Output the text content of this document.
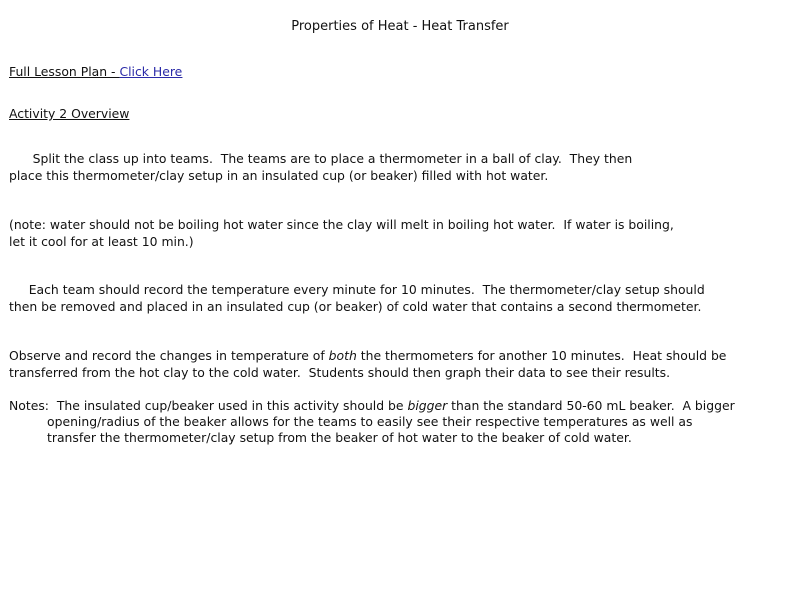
Properties of Heat - Heat Transfer
Full Lesson Plan - Click Here
Activity 2 Overview
Split the class up into teams.  The teams are to place a thermometer in a ball of clay.  They then
place this thermometer/clay setup in an insulated cup (or beaker) filled with hot water.
(note: water should not be boiling hot water since the clay will melt in boiling hot water.  If water is boiling,
let it cool for at least 10 min.)
Each team should record the temperature every minute for 10 minutes.  The thermometer/clay setup should
then be removed and placed in an insulated cup (or beaker) of cold water that contains a second thermometer.
Observe and record the changes in temperature of both the thermometers for another 10 minutes.  Heat should be
transferred from the hot clay to the cold water.  Students should then graph their data to see their results.
Notes:  The insulated cup/beaker used in this activity should be bigger than the standard 50-60 mL beaker.  A bigger
opening/radius of the beaker allows for the teams to easily see their respective temperatures as well as
transfer the thermometer/clay setup from the beaker of hot water to the beaker of cold water.
